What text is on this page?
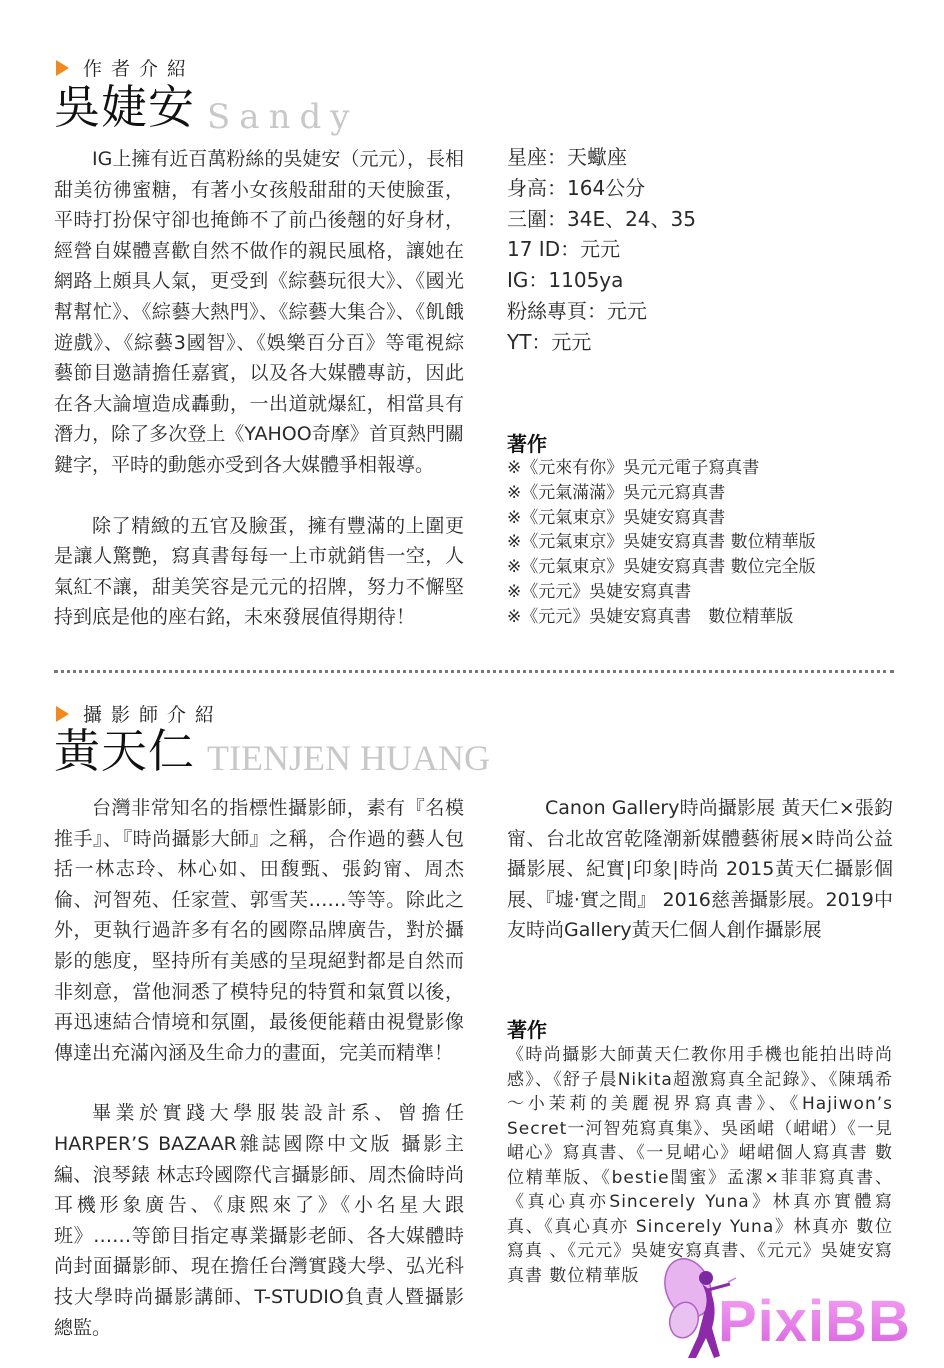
作者介紹
吳婕安 Sandy

IG上擁有近百萬粉絲的吳婕安（元元），長相甜美彷彿蜜糖，有著小女孩般甜甜的天使臉蛋，平時打扮保守卻也掩飾不了前凸後翹的好身材，經營自媒體喜歡自然不做作的親民風格，讓她在網路上頗具人氣，更受到《綜藝玩很大》、《國光幫幫忙》、《綜藝大熱門》、《綜藝大集合》、《飢餓遊戲》、《綜藝3國智》、《娛樂百分百》等電視綜藝節目邀請擔任嘉賓，以及各大媒體專訪，因此在各大論壇造成轟動，一出道就爆紅，相當具有潛力，除了多次登上《YAHOO奇摩》首頁熱門關鍵字，平時的動態亦受到各大媒體爭相報導。

除了精緻的五官及臉蛋，擁有豐滿的上圍更是讓人驚艷，寫真書每每一上市就銷售一空，人氣紅不讓，甜美笑容是元元的招牌，努力不懈堅持到底是他的座右銘，未來發展值得期待！

星座：天蠍座
身高：164公分
三圍：34E、24、35
17 ID：元元
IG：1105ya
粉絲專頁：元元
YT：元元
著作
※《元來有你》吳元元電子寫真書
※《元氣滿滿》吳元元寫真書
※《元氣東京》吳婕安寫真書
※《元氣東京》吳婕安寫真書 數位精華版
※《元氣東京》吳婕安寫真書 數位完全版
※《元元》吳婕安寫真書
※《元元》吳婕安寫真書　數位精華版
攝影師介紹
黃天仁 TIENJEN HUANG

台灣非常知名的指標性攝影師，素有『名模推手』、『時尚攝影大師』之稱，合作過的藝人包括一林志玲、林心如、田馥甄、張鈞甯、周杰倫、河智苑、任家萱、郭雪芙……等等。除此之外，更執行過許多有名的國際品牌廣告，對於攝影的態度，堅持所有美感的呈現絕對都是自然而非刻意，當他洞悉了模特兒的特質和氣質以後，再迅速結合情境和氛圍，最後便能藉由視覺影像傳達出充滿內涵及生命力的畫面，完美而精準！

畢業於實踐大學服裝設計系、曾擔任HARPER’S BAZAAR雜誌國際中文版 攝影主編、浪琴錶 林志玲國際代言攝影師、周杰倫時尚耳機形象廣告、《康熙來了》《小名星大跟班》……等節目指定專業攝影老師、各大媒體時尚封面攝影師、現在擔任台灣實踐大學、弘光科技大學時尚攝影講師、T-STUDIO負責人暨攝影總監。

Canon Gallery時尚攝影展 黃天仁×張鈞甯、台北故宮乾隆潮新媒體藝術展×時尚公益攝影展、紀實|印象|時尚 2015黃天仁攝影個展、『墟·實之間』 2016慈善攝影展。2019中友時尚Gallery黃天仁個人創作攝影展

著作
《時尚攝影大師黃天仁教你用手機也能拍出時尚感》、《舒子晨Nikita超激寫真全記錄》、《陳瑀希～小茉莉的美麗視界寫真書》、《Hajiwon’s Secret一河智苑寫真集》、吳函峮（峮峮）《一見峮心》寫真書、《一見峮心》峮峮個人寫真書 數位精華版、《bestie閨蜜》孟潔×菲菲寫真書、《真心真亦Sincerely Yuna》林真亦實體寫真、《真心真亦 Sincerely Yuna》林真亦 數位寫真 、《元元》吳婕安寫真書、《元元》吳婕安寫真書 數位精華版
PixiBB
